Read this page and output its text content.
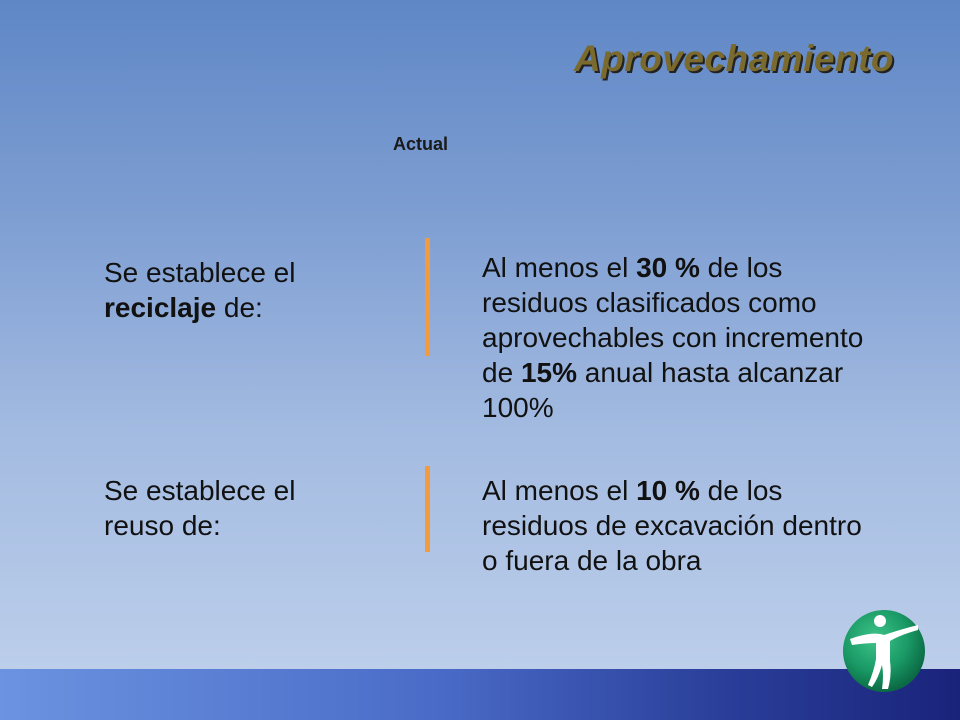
Aprovechamiento
Actual
Se establece el
reciclaje de:
Al menos el 30 % de los residuos clasificados como aprovechables con incremento de 15% anual hasta alcanzar 100%
Se establece el
reuso de:
Al menos el 10 % de los residuos de excavación dentro o fuera de la obra
